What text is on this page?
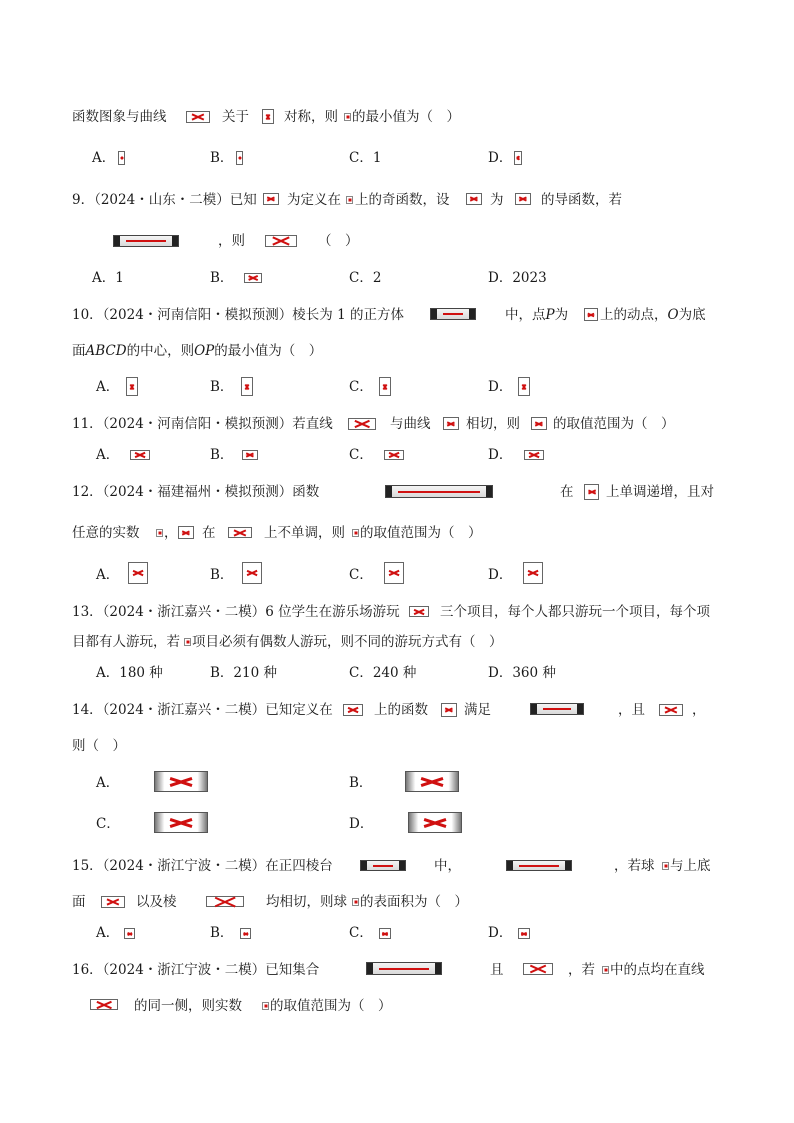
函数图象与曲线	关于	对称，则 的最小值为（　）
A．	B．	C．1	D．
9．（2024・山东・二模）已知 为定义在 上的奇函数，设	为	的导函数，若
，则	（　）
A．1	B．	C．2	D．2023
10．（2024・河南信阳・模拟预测）棱长为 1 的正方体	中，点P为 上的动点，O为底
面ABCD的中心，则OP的最小值为（　）
A．	B．	C．	D．
11．（2024・河南信阳・模拟预测）若直线	与曲线	相切，则 的取值范围为（　）
A．	B．	C．	D．
12．（2024・福建福州・模拟预测）函数	在 上单调递增，且对
任意的实数 ， 在	上不单调，则 的取值范围为（　）
A．	B．	C．	D．
13．（2024・浙江嘉兴・二模）6 位学生在游乐场游玩	三个项目，每个人都只游玩一个项目，每个项
目都有人游玩，若 项目必须有偶数人游玩，则不同的游玩方式有（　）
A．180 种	B．210 种	C．240 种	D．360 种
14．（2024・浙江嘉兴・二模）已知定义在	上的函数	满足	，且	，
则（　）
A．	B．
C．	D．
15．（2024・浙江宁波・二模）在正四棱台	中，	，若球 与上底
面	以及棱	均相切，则球 的表面积为（　）
A．	B．	C．	D．
16．（2024・浙江宁波・二模）已知集合	且	，若 中的点均在直线
的同一侧，则实数 的取值范围为（　）
